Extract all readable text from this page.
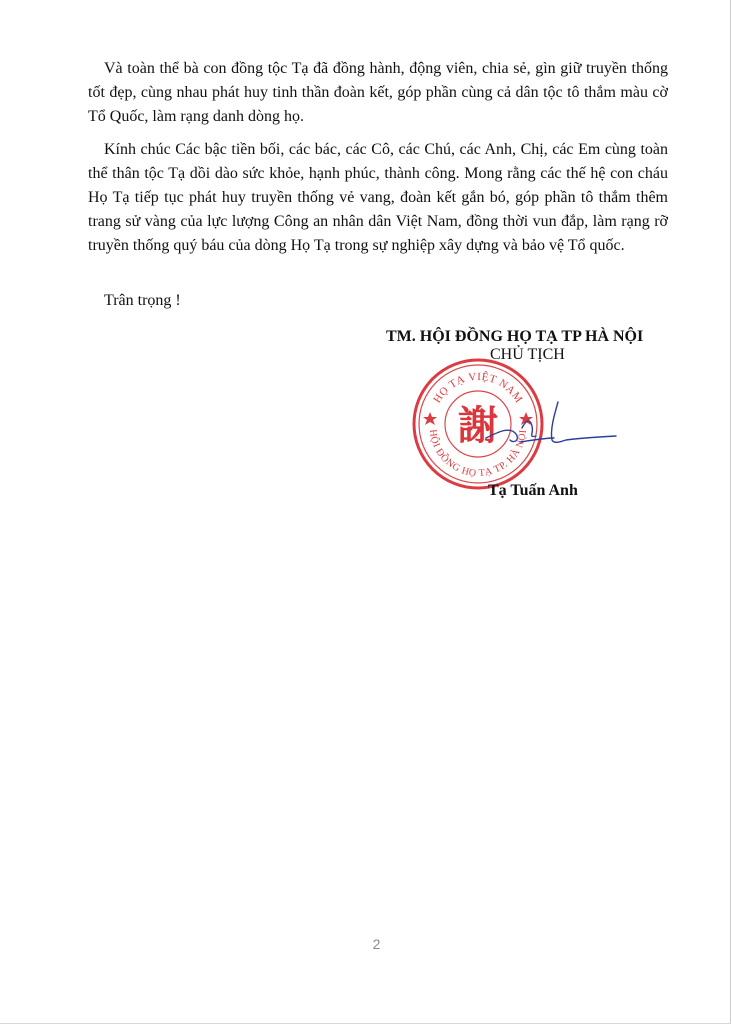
Và toàn thể bà con đồng tộc Tạ đã đồng hành, động viên, chia sẻ, gìn giữ truyền thống tốt đẹp, cùng nhau phát huy tinh thần đoàn kết, góp phần cùng cả dân tộc tô thắm màu cờ Tổ Quốc, làm rạng danh dòng họ.

Kính chúc Các bậc tiền bối, các bác, các Cô, các Chú, các Anh, Chị, các Em cùng toàn thể thân tộc Tạ dồi dào sức khỏe, hạnh phúc, thành công. Mong rằng các thế hệ con cháu Họ Tạ tiếp tục phát huy truyền thống vẻ vang, đoàn kết gắn bó, góp phần tô thắm thêm trang sử vàng của lực lượng Công an nhân dân Việt Nam, đồng thời vun đắp, làm rạng rỡ truyền thống quý báu của dòng Họ Tạ trong sự nghiệp xây dựng và bảo vệ Tổ quốc.

Trân trọng !

TM. HỘI ĐỒNG HỌ TẠ TP HÀ NỘI
CHỦ TỊCH
HỌ TẠ VIỆT NAM
HỘI ĐỒNG HỌ TẠ TP. HÀ NỘI
謝
Tạ Tuấn Anh
2
